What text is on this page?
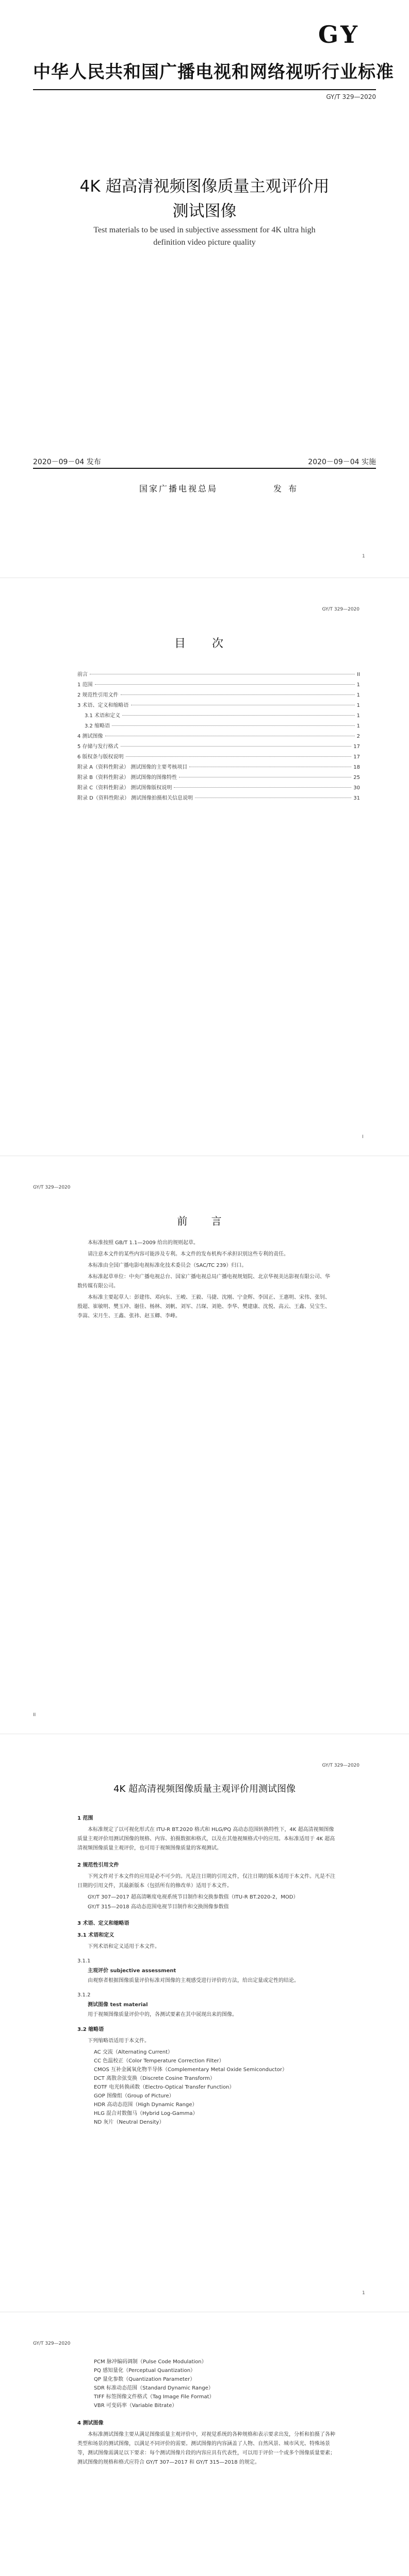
GY
中华人民共和国广播电视和网络视听行业标准
GY/T 329—2020
4K 超高清视频图像质量主观评价用
测试图像
Test materials to be used in subjective assessment for 4K ultra high definition video picture quality
2020－09－04 发布	2020－09－04 实施
国家广播电视总局	发 布
1
GY/T 329—2020
目 次
前言	II
1 范围	1
2 规范性引用文件	1
3 术语、定义和缩略语	1
3.1 术语和定义	1
3.2 缩略语	1
4 测试图像	2
5 存储与发行格式	17
6 版权条与版权说明	17
附录 A（资料性附录） 测试图像的主要考核项目	18
附录 B（资料性附录） 测试图像的图像特性	25
附录 C（资料性附录） 测试图像版权说明	30
附录 D（资料性附录） 测试图像拍摄相关信息说明	31
I
GY/T 329—2020
前 言

本标准按照 GB/T 1.1—2009 给出的规则起草。

请注意本文件的某些内容可能涉及专利。本文件的发布机构不承担识别这些专利的责任。

本标准由全国广播电影电视标准化技术委员会（SAC/TC 239）归口。

本标准起草单位：中央广播电视总台、国家广播电视总局广播电视规划院、北京华视美达影视有限公司、华数传媒有限公司。

本标准主要起草人：彭建伟、邓向东、王峻、王毅、马捷、沈刚、宁金辉、李国正、王惠明、宋伟、张钊、殷超、崔敏明、樊玉冲、谢佳、杨林、刘帆、刘军、吕琛、刘艳、李华、樊建康、沈悦、高云、王鑫、吴宝生、李嵩、宋月生、王鑫、张祎、赵玉卿、李峰。

II
GY/T 329—2020
4K 超高清视频图像质量主观评价用测试图像
1 范围

本标准规定了以可视化形式在 ITU-R BT.2020 格式和 HLG/PQ 高动态范围转换特性下，4K 超高清视频图像质量主观评价用测试图像的规格、内容、拍摄数据和格式，以及在其他视频格式中的应用。本标准适用于 4K 超高清视频图像质量主观评价，也可用于视频图像质量的客观测试。

2 规范性引用文件

下列文件对于本文件的应用是必不可少的。凡是注日期的引用文件，仅注日期的版本适用于本文件。凡是不注日期的引用文件，其最新版本（包括所有的修改单）适用于本文件。

GY/T 307—2017 超高清晰度电视系统节目制作和交换参数值（ITU-R BT.2020-2，MOD）

GY/T 315—2018 高动态范围电视节目制作和交换图像参数值

3 术语、定义和缩略语
3.1 术语和定义

下列术语和定义适用于本文件。

3.1.1

主观评价 subjective assessment

由观察者根据图像质量评价标准对图像的主观感受进行评价的方法，给出定量或定性的结论。

3.1.2

测试图像 test material

用于视频图像质量评价中的，各测试要素在其中展现出来的图像。

3.2 缩略语

下列缩略语适用于本文件。

AC 交流（Alternating Current）

CC 色温校正（Color Temperature Correction Filter）

CMOS 互补金属氧化物半导体（Complementary Metal Oxide Semiconductor）

DCT 离散余弦变换（Discrete Cosine Transform）

EOTF 电光转换函数（Electro-Optical Transfer Function）

GOP 图像组（Group of Picture）

HDR 高动态范围（High Dynamic Range）

HLG 混合对数伽马（Hybrid Log-Gamma）

ND 灰片（Neutral Density）

1
GY/T 329—2020

PCM 脉冲编码调制（Pulse Code Modulation）

PQ 感知量化（Perceptual Quantization）

QP 量化参数（Quantization Parameter）

SDR 标准动态范围（Standard Dynamic Range）

TIFF 标签图像文件格式（Tag Image File Format）

VBR 可变码率（Variable Bitrate）

4 测试图像

本标准测试图像主要从满足图像质量主观评价中，对视觉系统的各种规格和表示要求出发，分析和拍摄了各种类型和场景的测试图像，以满足不同评价的需要。测试图像的内容涵盖了人物、自然风景、城市风光、特殊场景等，测试图像需满足以下要求：每个测试图像片段的内容应具有代表性，可以用于评价一个或多个图像质量要素；测试图像的规格和格式应符合 GY/T 307—2017 和 GY/T 315—2018 的规定。
